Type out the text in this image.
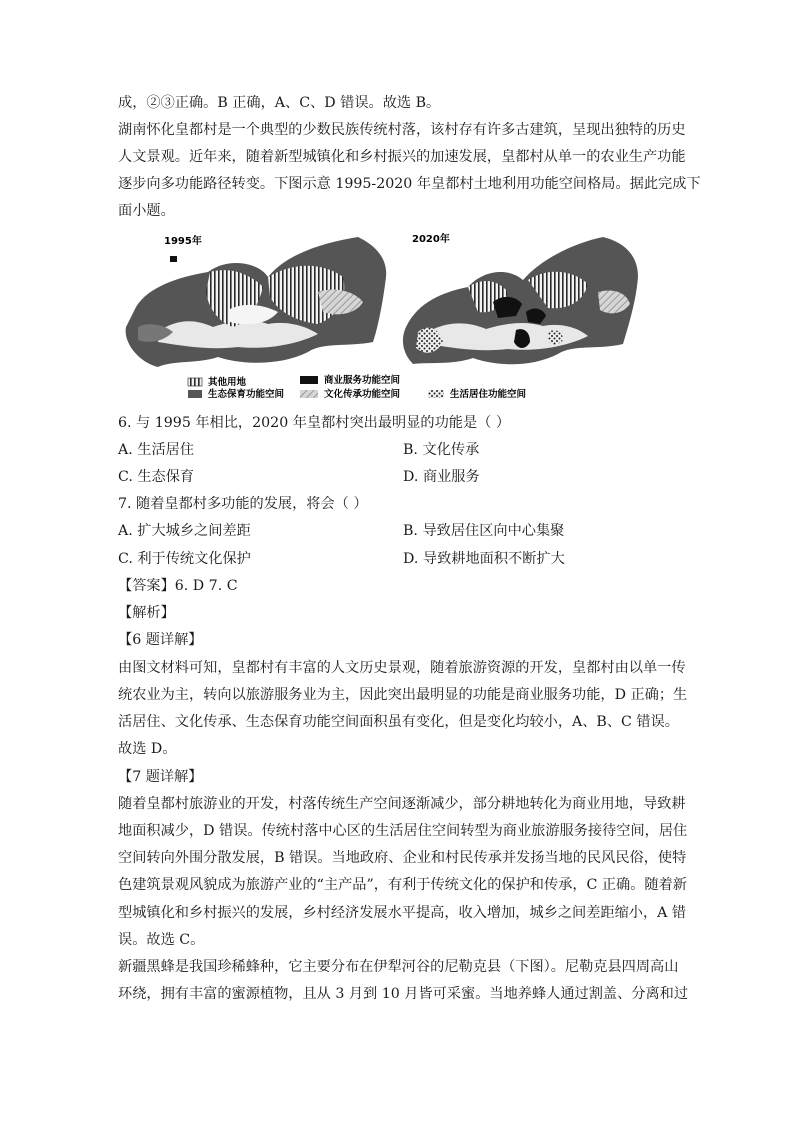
成，②③正确。B 正确，A、C、D 错误。故选 B。

湖南怀化皇都村是一个典型的少数民族传统村落，该村存有许多古建筑，呈现出独特的历史

人文景观。近年来，随着新型城镇化和乡村振兴的加速发展，皇都村从单一的农业生产功能

逐步向多功能路径转变。下图示意 1995-2020 年皇都村土地利用功能空间格局。据此完成下

面小题。

1995年	2020年
其他用地	商业服务功能空间
生态保育功能空间	文化传承功能空间	生活居住功能空间

6. 与 1995 年相比，2020 年皇都村突出最明显的功能是（ ）

A. 生活居住	B. 文化传承

C. 生态保育	D. 商业服务

7. 随着皇都村多功能的发展，将会（ ）

A. 扩大城乡之间差距	B. 导致居住区向中心集聚

C. 利于传统文化保护	D. 导致耕地面积不断扩大

【答案】6. D 7. C

【解析】

【6 题详解】

由图文材料可知，皇都村有丰富的人文历史景观，随着旅游资源的开发，皇都村由以单一传

统农业为主，转向以旅游服务业为主，因此突出最明显的功能是商业服务功能，D 正确；生

活居住、文化传承、生态保育功能空间面积虽有变化，但是变化均较小，A、B、C 错误。

故选 D。

【7 题详解】

随着皇都村旅游业的开发，村落传统生产空间逐渐减少，部分耕地转化为商业用地，导致耕

地面积减少，D 错误。传统村落中心区的生活居住空间转型为商业旅游服务接待空间，居住

空间转向外围分散发展，B 错误。当地政府、企业和村民传承并发扬当地的民风民俗，使特

色建筑景观风貌成为旅游产业的“主产品”，有利于传统文化的保护和传承，C 正确。随着新

型城镇化和乡村振兴的发展，乡村经济发展水平提高，收入增加，城乡之间差距缩小，A 错

误。故选 C。

新疆黑蜂是我国珍稀蜂种，它主要分布在伊犁河谷的尼勒克县（下图）。尼勒克县四周高山

环绕，拥有丰富的蜜源植物，且从 3 月到 10 月皆可采蜜。当地养蜂人通过割盖、分离和过
